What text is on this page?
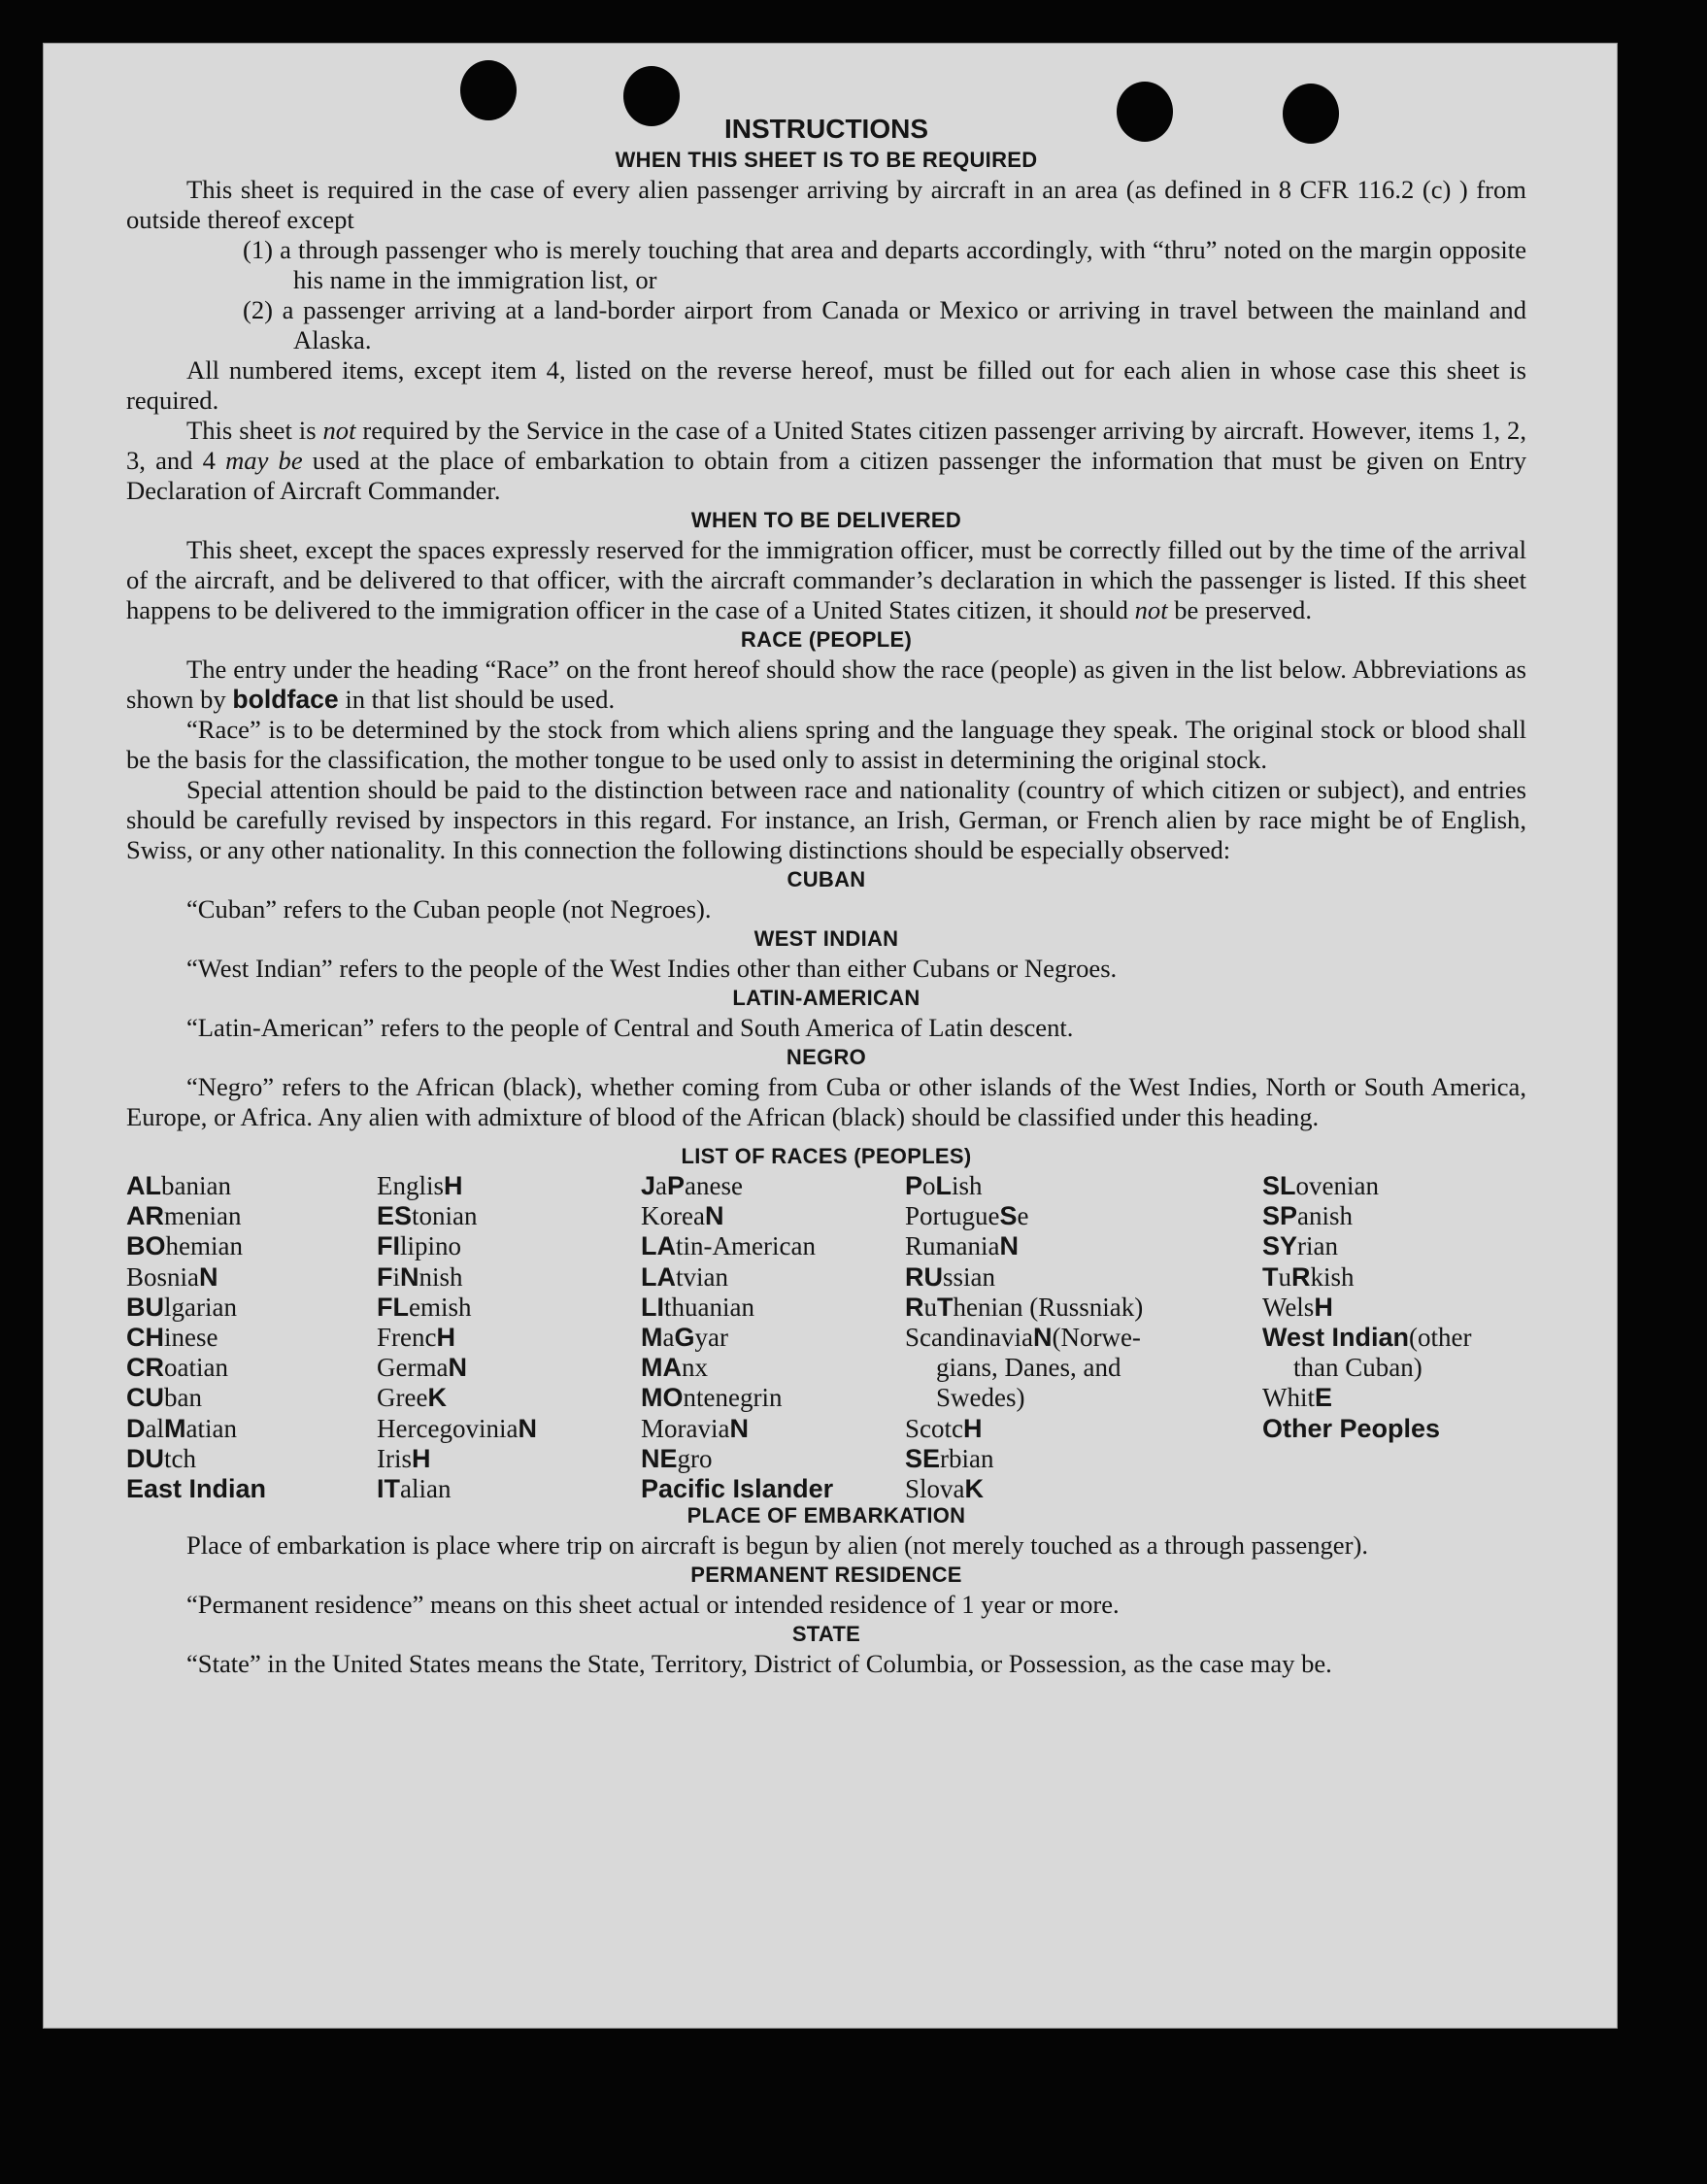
INSTRUCTIONS
WHEN THIS SHEET IS TO BE REQUIRED

This sheet is required in the case of every alien passenger arriving by aircraft in an area (as defined in 8 CFR 116.2 (c) ) from outside thereof except

(1) a through passenger who is merely touching that area and departs accordingly, with “thru” noted on the margin opposite his name in the immigration list, or

(2) a passenger arriving at a land-border airport from Canada or Mexico or arriving in travel between the mainland and Alaska.

All numbered items, except item 4, listed on the reverse hereof, must be filled out for each alien in whose case this sheet is required.

This sheet is not required by the Service in the case of a United States citizen passenger arriving by aircraft. However, items 1, 2, 3, and 4 may be used at the place of embarkation to obtain from a citizen passenger the information that must be given on Entry Declaration of Aircraft Commander.

WHEN TO BE DELIVERED

This sheet, except the spaces expressly reserved for the immigration officer, must be correctly filled out by the time of the arrival of the aircraft, and be delivered to that officer, with the aircraft commander’s declaration in which the passenger is listed. If this sheet happens to be delivered to the immigration officer in the case of a United States citizen, it should not be preserved.

RACE (PEOPLE)

The entry under the heading “Race” on the front hereof should show the race (people) as given in the list below. Abbreviations as shown by boldface in that list should be used.

“Race” is to be determined by the stock from which aliens spring and the language they speak. The original stock or blood shall be the basis for the classification, the mother tongue to be used only to assist in determining the original stock.

Special attention should be paid to the distinction between race and nationality (country of which citizen or subject), and entries should be carefully revised by inspectors in this regard. For instance, an Irish, German, or French alien by race might be of English, Swiss, or any other nationality. In this connection the following distinctions should be especially observed:

CUBAN

“Cuban” refers to the Cuban people (not Negroes).

WEST INDIAN

“West Indian” refers to the people of the West Indies other than either Cubans or Negroes.

LATIN-AMERICAN

“Latin-American” refers to the people of Central and South America of Latin descent.

NEGRO

“Negro” refers to the African (black), whether coming from Cuba or other islands of the West Indies, North or South America, Europe, or Africa. Any alien with admixture of blood of the African (black) should be classified under this heading.

LIST OF RACES (PEOPLES)
ALbanian
ARmenian
BOhemian
BosniaN
BUlgarian
CHinese
CRoatian
CUban
DalMatian
DUtch
East Indian
EnglisH
EStonian
FIlipino
FiNnish
FLemish
FrencH
GermaN
GreeK
HercegoviniaN
IrisH
ITalian
JaPanese
KoreaN
LAtin-American
LAtvian
LIthuanian
MaGyar
MAnx
MOntenegrin
MoraviaN
NEgro
Pacific Islander
PoLish
PortugueSe
RumaniaN
RUssian
RuThenian (Russniak)
ScandinaviaN(Norwe-
gians, Danes, and
Swedes)
ScotcH
SErbian
SlovaK
SLovenian
SPanish
SYrian
TuRkish
WelsH
West Indian(other
than Cuban)
WhitE
Other Peoples
PLACE OF EMBARKATION

Place of embarkation is place where trip on aircraft is begun by alien (not merely touched as a through passenger).

PERMANENT RESIDENCE

“Permanent residence” means on this sheet actual or intended residence of 1 year or more.

STATE

“State” in the United States means the State, Territory, District of Columbia, or Possession, as the case may be.
